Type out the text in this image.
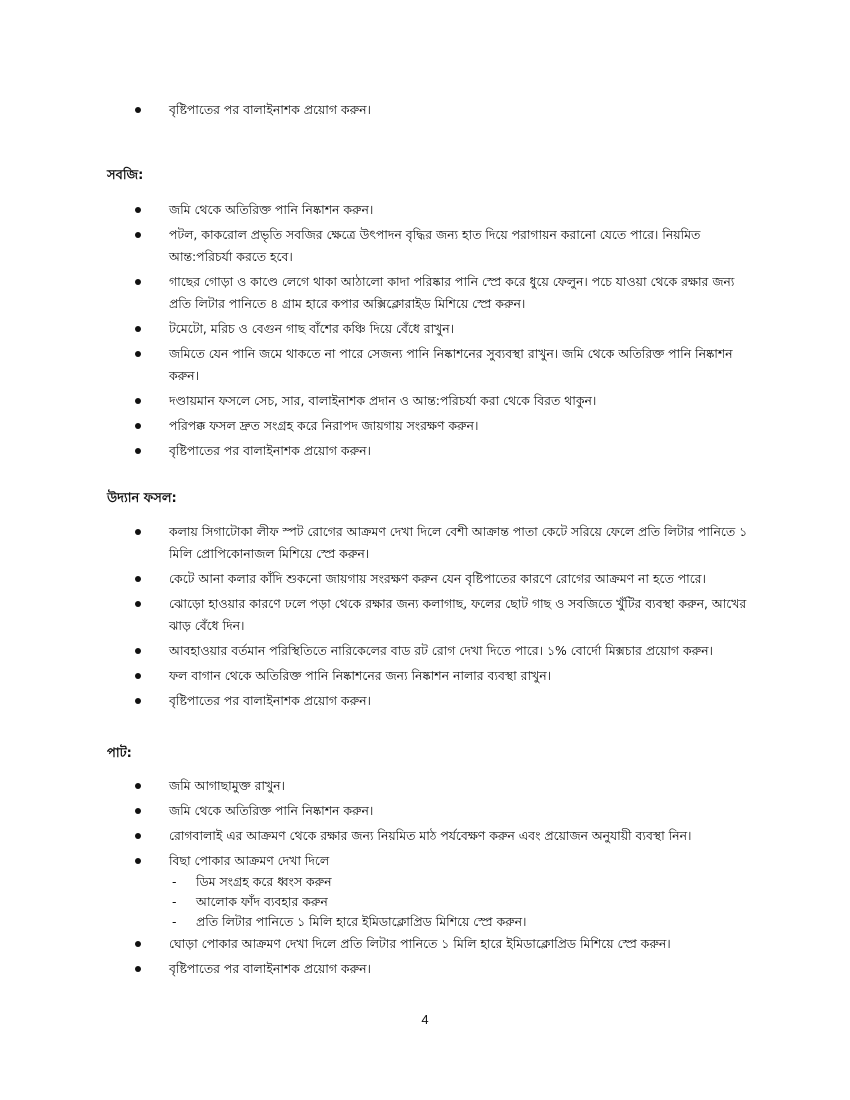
বৃষ্টিপাতের পর বালাইনাশক প্রয়োগ করুন।
সবজি:
জমি থেকে অতিরিক্ত পানি নিষ্কাশন করুন।
পটল, কাকরোল প্রভৃতি সবজির ক্ষেত্রে উৎপাদন বৃদ্ধির জন্য হাত দিয়ে পরাগায়ন করানো যেতে পারে। নিয়মিত আন্ত:পরিচর্যা করতে হবে।
গাছের গোড়া ও কাণ্ডে লেগে থাকা আঠালো কাদা পরিষ্কার পানি স্প্রে করে ধুয়ে ফেলুন। পচে যাওয়া থেকে রক্ষার জন্য প্রতি লিটার পানিতে ৪ গ্রাম হারে কপার অক্সিক্লোরাইড মিশিয়ে স্প্রে করুন।
টমেটো, মরিচ ও বেগুন গাছ বাঁশের কঞ্চি দিয়ে বেঁধে রাখুন।
জমিতে যেন পানি জমে থাকতে না পারে সেজন্য পানি নিষ্কাশনের সুব্যবস্থা রাখুন। জমি থেকে অতিরিক্ত পানি নিষ্কাশন করুন।
দণ্ডায়মান ফসলে সেচ, সার, বালাইনাশক প্রদান ও আন্ত:পরিচর্যা করা থেকে বিরত থাকুন।
পরিপক্ক ফসল দ্রুত সংগ্রহ করে নিরাপদ জায়গায় সংরক্ষণ করুন।
বৃষ্টিপাতের পর বালাইনাশক প্রয়োগ করুন।
উদ্যান ফসল:
কলায় সিগাটোকা লীফ স্পট রোগের আক্রমণ দেখা দিলে বেশী আক্রান্ত পাতা কেটে সরিয়ে ফেলে প্রতি লিটার পানিতে ১ মিলি প্রোপিকোনাজল মিশিয়ে স্প্রে করুন।
কেটে আনা কলার কাঁদি শুকনো জায়গায় সংরক্ষণ করুন যেন বৃষ্টিপাতের কারণে রোগের আক্রমণ না হতে পারে।
ঝোড়ো হাওয়ার কারণে ঢলে পড়া থেকে রক্ষার জন্য কলাগাছ, ফলের ছোট গাছ ও সবজিতে খুঁটির ব্যবস্থা করুন, আখের ঝাড় বেঁধে দিন।
আবহাওয়ার বর্তমান পরিস্থিতিতে নারিকেলের বাড রট রোগ দেখা দিতে পারে। ১% বোর্দো মিক্সচার প্রয়োগ করুন।
ফল বাগান থেকে অতিরিক্ত পানি নিষ্কাশনের জন্য নিষ্কাশন নালার ব্যবস্থা রাখুন।
বৃষ্টিপাতের পর বালাইনাশক প্রয়োগ করুন।
পাট:
জমি আগাছামুক্ত রাখুন।
জমি থেকে অতিরিক্ত পানি নিষ্কাশন করুন।
রোগবালাই এর আক্রমণ থেকে রক্ষার জন্য নিয়মিত মাঠ পর্যবেক্ষণ করুন এবং প্রয়োজন অনুযায়ী ব্যবস্থা নিন।
বিছা পোকার আক্রমণ দেখা দিলে
- ডিম সংগ্রহ করে ধ্বংস করুন
- আলোক ফাঁদ ব্যবহার করুন
- প্রতি লিটার পানিতে ১ মিলি হারে ইমিডাক্লোপ্রিড মিশিয়ে স্প্রে করুন।
ঘোড়া পোকার আক্রমণ দেখা দিলে প্রতি লিটার পানিতে ১ মিলি হারে ইমিডাক্লোপ্রিড মিশিয়ে স্প্রে করুন।
বৃষ্টিপাতের পর বালাইনাশক প্রয়োগ করুন।
4
